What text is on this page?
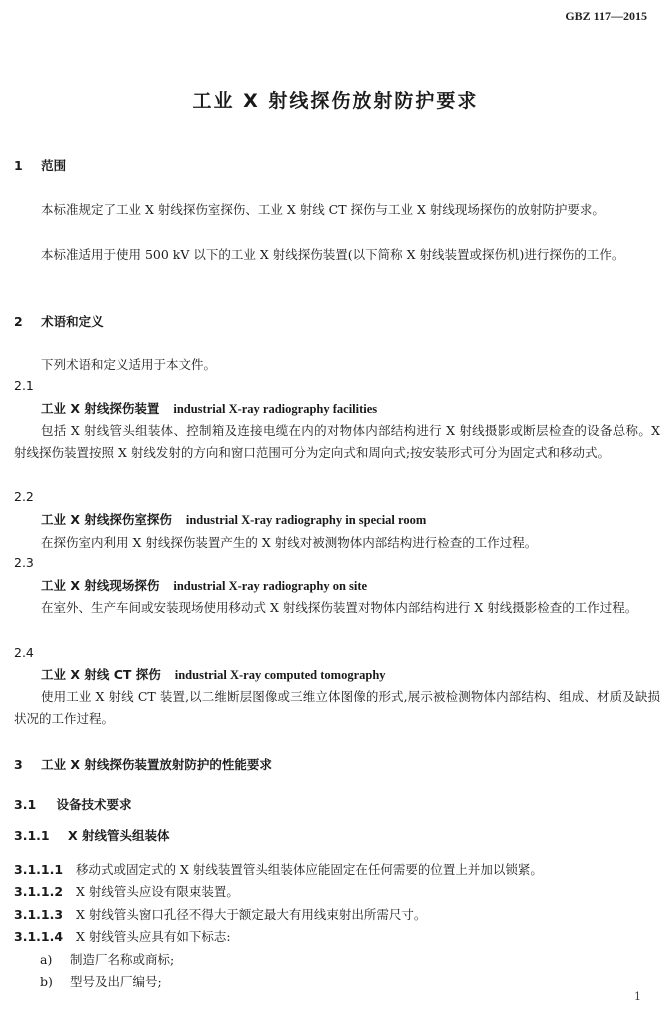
GBZ 117—2015
工业 X 射线探伤放射防护要求
1 范围
本标准规定了工业 X 射线探伤室探伤、工业 X 射线 CT 探伤与工业 X 射线现场探伤的放射防护要求。
本标准适用于使用 500 kV 以下的工业 X 射线探伤装置(以下简称 X 射线装置或探伤机)进行探伤的工作。
2 术语和定义
下列术语和定义适用于本文件。
2.1
工业 X 射线探伤装置 industrial X-ray radiography facilities
包括 X 射线管头组装体、控制箱及连接电缆在内的对物体内部结构进行 X 射线摄影或断层检查的设备总称。X 射线探伤装置按照 X 射线发射的方向和窗口范围可分为定向式和周向式;按安装形式可分为固定式和移动式。
2.2
工业 X 射线探伤室探伤 industrial X-ray radiography in special room
在探伤室内利用 X 射线探伤装置产生的 X 射线对被测物体内部结构进行检查的工作过程。
2.3
工业 X 射线现场探伤 industrial X-ray radiography on site
在室外、生产车间或安装现场使用移动式 X 射线探伤装置对物体内部结构进行 X 射线摄影检查的工作过程。
2.4
工业 X 射线 CT 探伤 industrial X-ray computed tomography
使用工业 X 射线 CT 装置,以二维断层图像或三维立体图像的形式,展示被检测物体内部结构、组成、材质及缺损状况的工作过程。
3 工业 X 射线探伤装置放射防护的性能要求
3.1 设备技术要求
3.1.1 X 射线管头组装体
3.1.1.1 移动式或固定式的 X 射线装置管头组装体应能固定在任何需要的位置上并加以锁紧。
3.1.1.2 X 射线管头应设有限束装置。
3.1.1.3 X 射线管头窗口孔径不得大于额定最大有用线束射出所需尺寸。
3.1.1.4 X 射线管头应具有如下标志:
a) 制造厂名称或商标;
b) 型号及出厂编号;
1
